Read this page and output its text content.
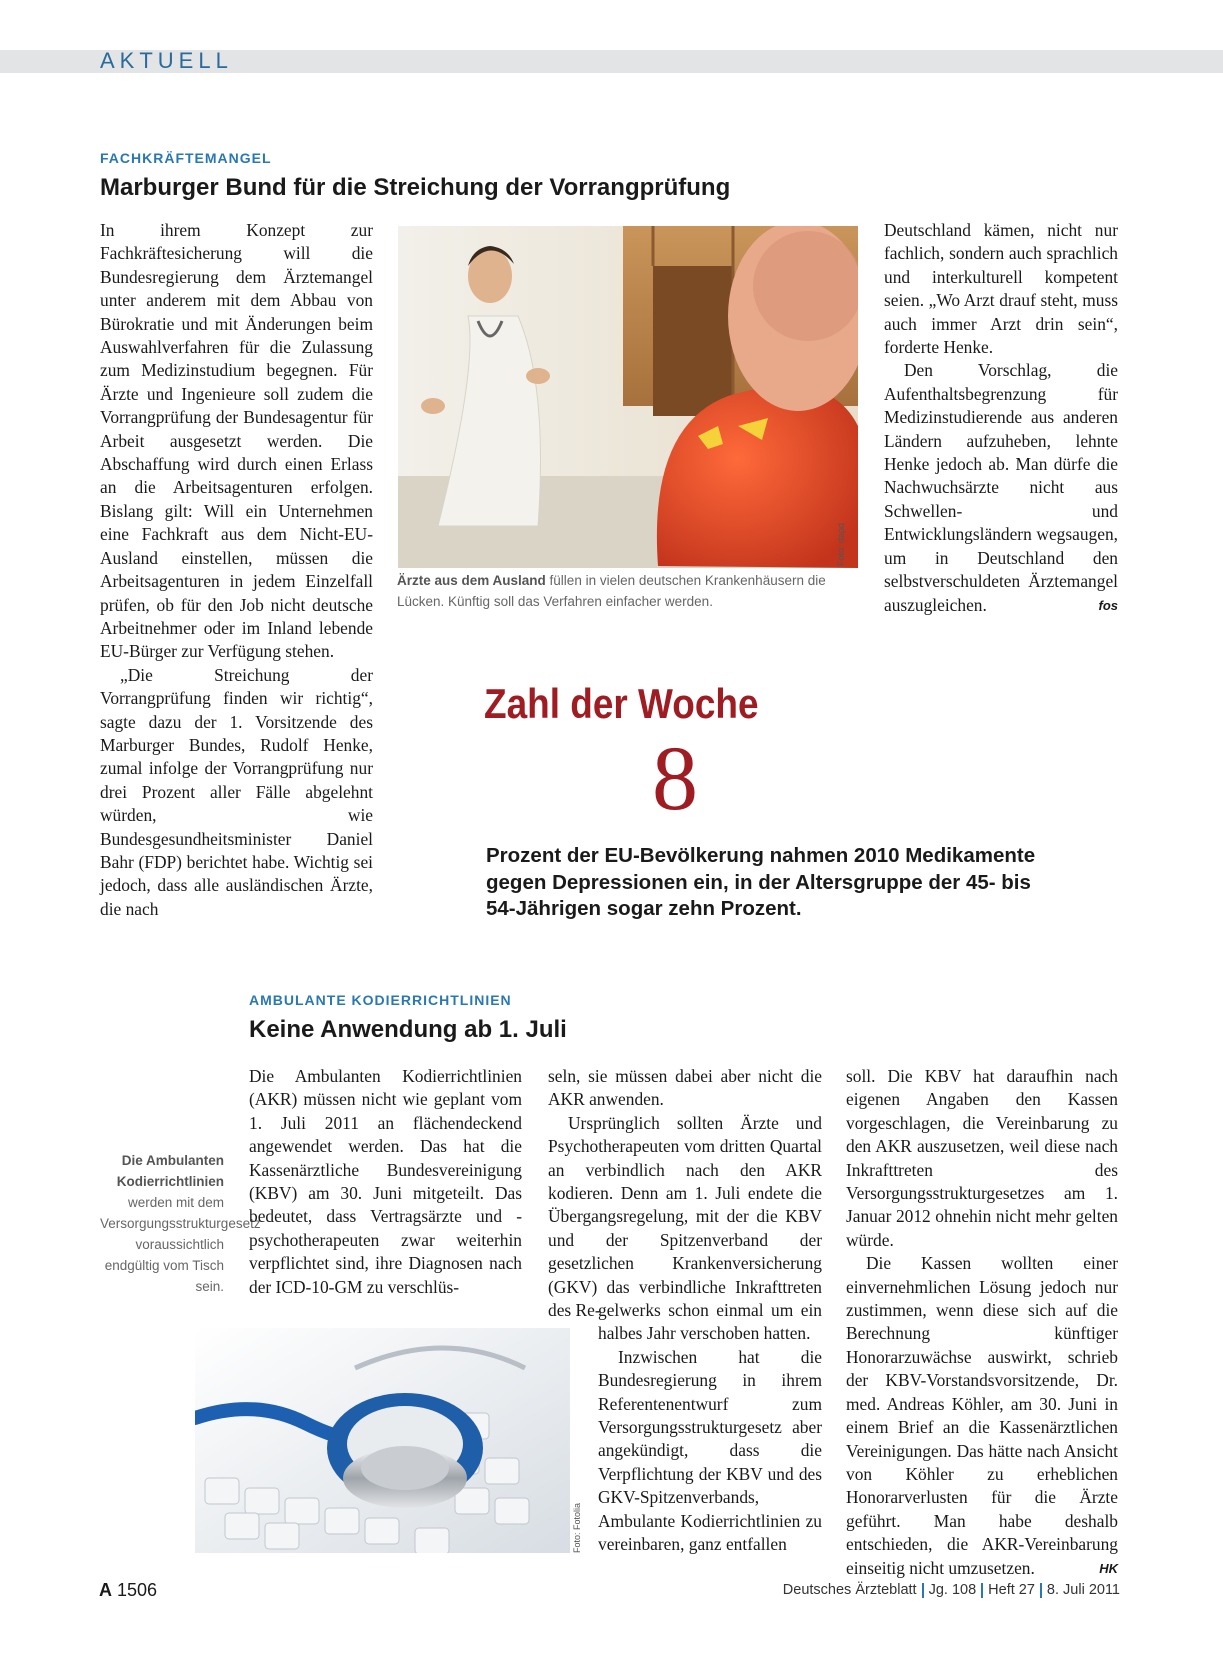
AKTUELL
FACHKRÄFTEMANGEL
Marburger Bund für die Streichung der Vorrangprüfung

In ihrem Konzept zur Fachkräftesicherung will die Bundesregierung dem Ärztemangel unter anderem mit dem Abbau von Bürokratie und mit Änderungen beim Auswahlverfahren für die Zulassung zum Medizinstudium begegnen. Für Ärzte und Ingenieure soll zudem die Vorrangprüfung der Bundesagentur für Arbeit ausgesetzt werden. Die Abschaffung wird durch einen Erlass an die Arbeitsagenturen erfolgen. Bislang gilt: Will ein Unternehmen eine Fachkraft aus dem Nicht-EU-Ausland einstellen, müssen die Arbeitsagenturen in jedem Einzelfall prüfen, ob für den Job nicht deutsche Arbeitnehmer oder im Inland lebende EU-Bürger zur Verfügung stehen.

„Die Streichung der Vorrangprüfung finden wir richtig“, sagte dazu der 1. Vorsitzende des Marburger Bundes, Rudolf Henke, zumal infolge der Vorrangprüfung nur drei Prozent aller Fälle abgelehnt würden, wie Bundesgesundheitsminister Daniel Bahr (FDP) berichtet habe. Wichtig sei jedoch, dass alle ausländischen Ärzte, die nach

Foto: dapd
Ärzte aus dem Ausland füllen in vielen deutschen Krankenhäusern die Lücken. Künftig soll das Verfahren einfacher werden.

Deutschland kämen, nicht nur fachlich, sondern auch sprachlich und interkulturell kompetent seien. „Wo Arzt drauf steht, muss auch immer Arzt drin sein“, forderte Henke.

Den Vorschlag, die Aufenthaltsbegrenzung für Medizinstudierende aus anderen Ländern aufzuheben, lehnte Henke jedoch ab. Man dürfe die Nachwuchsärzte nicht aus Schwellen- und Entwicklungsländern wegsaugen, um in Deutschland den selbstverschuldeten Ärztemangel auszugleichen.	fos

Zahl der Woche
8
Prozent der EU-Bevölkerung nahmen 2010 Medikamente gegen Depressionen ein, in der Altersgruppe der 45- bis 54-Jährigen sogar zehn Prozent.
AMBULANTE KODIERRICHTLINIEN
Keine Anwendung ab 1. Juli
Die Ambulanten Kodierrichtlinien werden mit dem Versorgungsstrukturgesetz voraussichtlich endgültig vom Tisch sein.

Die Ambulanten Kodierrichtlinien (AKR) müssen nicht wie geplant vom 1. Juli 2011 an flächendeckend angewendet werden. Das hat die Kassenärztliche Bundesvereinigung (KBV) am 30. Juni mitgeteilt. Das bedeutet, dass Vertragsärzte und -psychotherapeuten zwar weiterhin verpflichtet sind, ihre Diagnosen nach der ICD-10-GM zu verschlüs-

seln, sie müssen dabei aber nicht die AKR anwenden.

Ursprünglich sollten Ärzte und Psychotherapeuten vom dritten Quartal an verbindlich nach den AKR kodieren. Denn am 1. Juli endete die Übergangsregelung, mit der die KBV und der Spitzenverband der gesetzlichen Krankenversicherung (GKV) das verbindliche Inkrafttreten des Re-

gelwerks schon einmal um ein halbes Jahr verschoben hatten.

Inzwischen hat die Bundesregierung in ihrem Referentenentwurf zum Versorgungsstrukturgesetz aber angekündigt, dass die Verpflichtung der KBV und des GKV-Spitzenverbands, Ambulante Kodierrichtlinien zu vereinbaren, ganz entfallen

Foto: Fotolia

soll. Die KBV hat daraufhin nach eigenen Angaben den Kassen vorgeschlagen, die Vereinbarung zu den AKR auszusetzen, weil diese nach Inkrafttreten des Versorgungsstrukturgesetzes am 1. Januar 2012 ohnehin nicht mehr gelten würde.

Die Kassen wollten einer einvernehmlichen Lösung jedoch nur zustimmen, wenn diese sich auf die Berechnung künftiger Honorarzuwächse auswirkt, schrieb der KBV-Vorstandsvorsitzende, Dr. med. Andreas Köhler, am 30. Juni in einem Brief an die Kassenärztlichen Vereinigungen. Das hätte nach Ansicht von Köhler zu erheblichen Honorarverlusten für die Ärzte geführt. Man habe deshalb entschieden, die AKR-Vereinbarung einseitig nicht umzusetzen.	HK

A 1506	Deutsches Ärzteblatt Jg. 108 Heft 27 8. Juli 2011
